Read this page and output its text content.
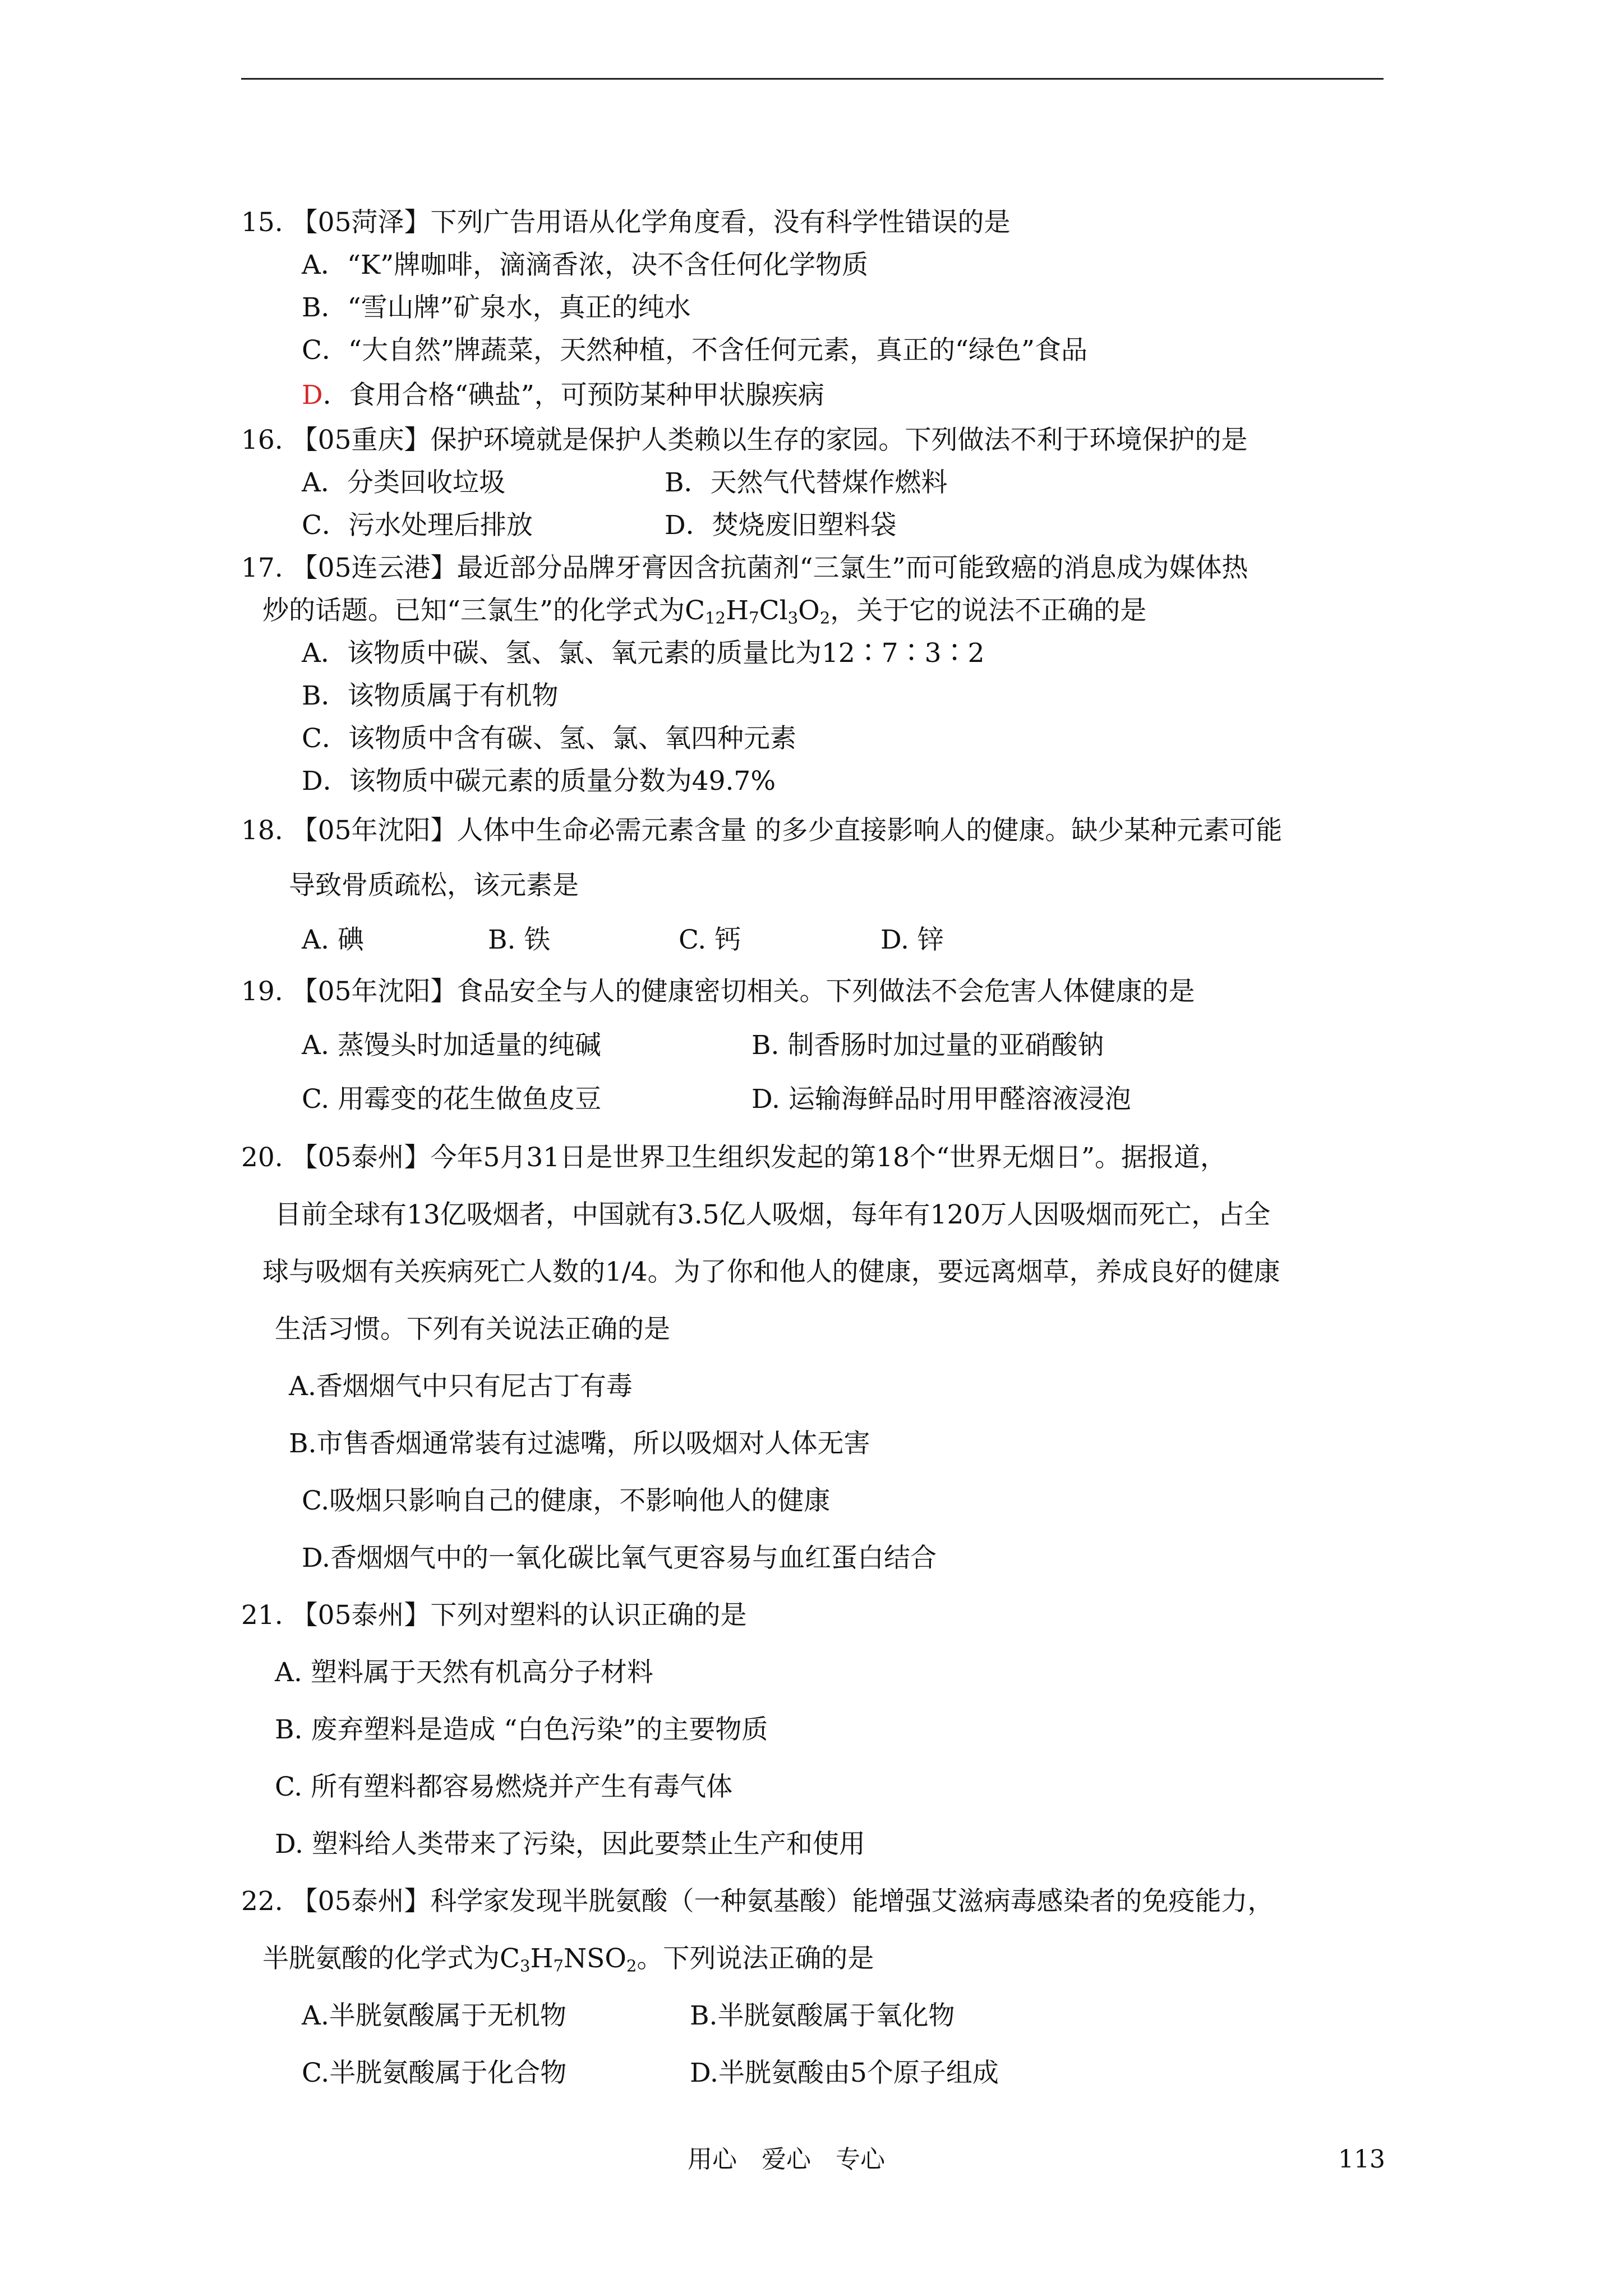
15. 【05菏泽】下列广告用语从化学角度看，没有科学性错误的是
A．“K”牌咖啡，滴滴香浓，决不含任何化学物质
B．“雪山牌”矿泉水，真正的纯水
C．“大自然”牌蔬菜，天然种植，不含任何元素，真正的“绿色”食品
D．食用合格“碘盐”，可预防某种甲状腺疾病
16. 【05重庆】保护环境就是保护人类赖以生存的家园。下列做法不利于环境保护的是
A．分类回收垃圾	B．天然气代替煤作燃料
C．污水处理后排放	D．焚烧废旧塑料袋
17. 【05连云港】最近部分品牌牙膏因含抗菌剂“三氯生”而可能致癌的消息成为媒体热
炒的话题。已知“三氯生”的化学式为$C_{12}H_7Cl_3O_2$，关于它的说法不正确的是
A．该物质中碳、氢、氯、氧元素的质量比为12∶7∶3∶2
B．该物质属于有机物
C．该物质中含有碳、氢、氯、氧四种元素
D．该物质中碳元素的质量分数为49.7%
18. 【05年沈阳】人体中生命必需元素含量 的多少直接影响人的健康。缺少某种元素可能
导致骨质疏松，该元素是
A. 碘	B. 铁	C. 钙	D. 锌
19. 【05年沈阳】食品安全与人的健康密切相关。下列做法不会危害人体健康的是
A. 蒸馒头时加适量的纯碱	B. 制香肠时加过量的亚硝酸钠
C. 用霉变的花生做鱼皮豆	D. 运输海鲜品时用甲醛溶液浸泡
20. 【05泰州】今年5月31日是世界卫生组织发起的第18个“世界无烟日”。据报道，
目前全球有13亿吸烟者，中国就有3.5亿人吸烟，每年有120万人因吸烟而死亡，占全
球与吸烟有关疾病死亡人数的1/4。为了你和他人的健康，要远离烟草，养成良好的健康
生活习惯。下列有关说法正确的是
A.香烟烟气中只有尼古丁有毒
B.市售香烟通常装有过滤嘴，所以吸烟对人体无害
C.吸烟只影响自己的健康，不影响他人的健康
D.香烟烟气中的一氧化碳比氧气更容易与血红蛋白结合
21. 【05泰州】下列对塑料的认识正确的是
A. 塑料属于天然有机高分子材料
B. 废弃塑料是造成 “白色污染”的主要物质
C. 所有塑料都容易燃烧并产生有毒气体
D. 塑料给人类带来了污染，因此要禁止生产和使用
22. 【05泰州】科学家发现半胱氨酸（一种氨基酸）能增强艾滋病毒感染者的免疫能力，
半胱氨酸的化学式为$C_3H_7NSO_2$。下列说法正确的是
A.半胱氨酸属于无机物	B.半胱氨酸属于氧化物
C.半胱氨酸属于化合物	D.半胱氨酸由5个原子组成
用心 爱心 专心	113
